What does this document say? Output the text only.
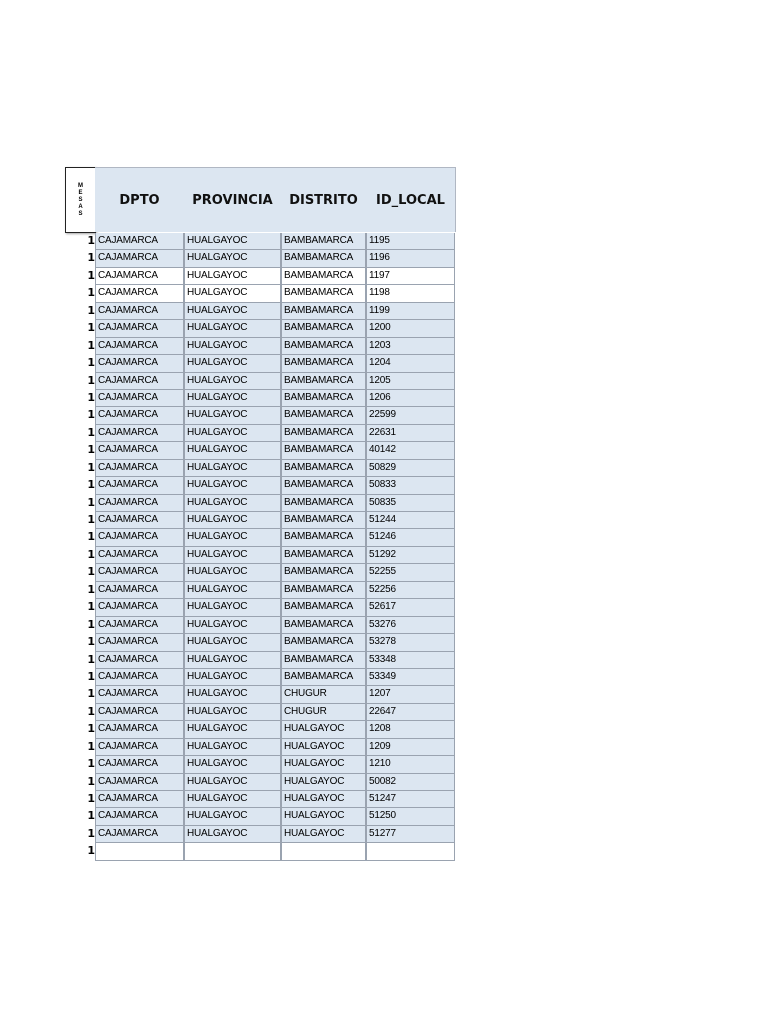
M
E
S
A
S
DPTO	PROVINCIA	DISTRITO	ID_LOCAL
1 CAJAMARCA	HUALGAYOC	BAMBAMARCA	1195
1 CAJAMARCA	HUALGAYOC	BAMBAMARCA	1196
1 CAJAMARCA	HUALGAYOC	BAMBAMARCA	1197
1 CAJAMARCA	HUALGAYOC	BAMBAMARCA	1198
1 CAJAMARCA	HUALGAYOC	BAMBAMARCA	1199
1 CAJAMARCA	HUALGAYOC	BAMBAMARCA	1200
1 CAJAMARCA	HUALGAYOC	BAMBAMARCA	1203
1 CAJAMARCA	HUALGAYOC	BAMBAMARCA	1204
1 CAJAMARCA	HUALGAYOC	BAMBAMARCA	1205
1 CAJAMARCA	HUALGAYOC	BAMBAMARCA	1206
1 CAJAMARCA	HUALGAYOC	BAMBAMARCA	22599
1 CAJAMARCA	HUALGAYOC	BAMBAMARCA	22631
1 CAJAMARCA	HUALGAYOC	BAMBAMARCA	40142
1 CAJAMARCA	HUALGAYOC	BAMBAMARCA	50829
1 CAJAMARCA	HUALGAYOC	BAMBAMARCA	50833
1 CAJAMARCA	HUALGAYOC	BAMBAMARCA	50835
1 CAJAMARCA	HUALGAYOC	BAMBAMARCA	51244
1 CAJAMARCA	HUALGAYOC	BAMBAMARCA	51246
1 CAJAMARCA	HUALGAYOC	BAMBAMARCA	51292
1 CAJAMARCA	HUALGAYOC	BAMBAMARCA	52255
1 CAJAMARCA	HUALGAYOC	BAMBAMARCA	52256
1 CAJAMARCA	HUALGAYOC	BAMBAMARCA	52617
1 CAJAMARCA	HUALGAYOC	BAMBAMARCA	53276
1 CAJAMARCA	HUALGAYOC	BAMBAMARCA	53278
1 CAJAMARCA	HUALGAYOC	BAMBAMARCA	53348
1 CAJAMARCA	HUALGAYOC	BAMBAMARCA	53349
1 CAJAMARCA	HUALGAYOC	CHUGUR	1207
1 CAJAMARCA	HUALGAYOC	CHUGUR	22647
1 CAJAMARCA	HUALGAYOC	HUALGAYOC	1208
1 CAJAMARCA	HUALGAYOC	HUALGAYOC	1209
1 CAJAMARCA	HUALGAYOC	HUALGAYOC	1210
1 CAJAMARCA	HUALGAYOC	HUALGAYOC	50082
1 CAJAMARCA	HUALGAYOC	HUALGAYOC	51247
1 CAJAMARCA	HUALGAYOC	HUALGAYOC	51250
1 CAJAMARCA	HUALGAYOC	HUALGAYOC	51277
1
